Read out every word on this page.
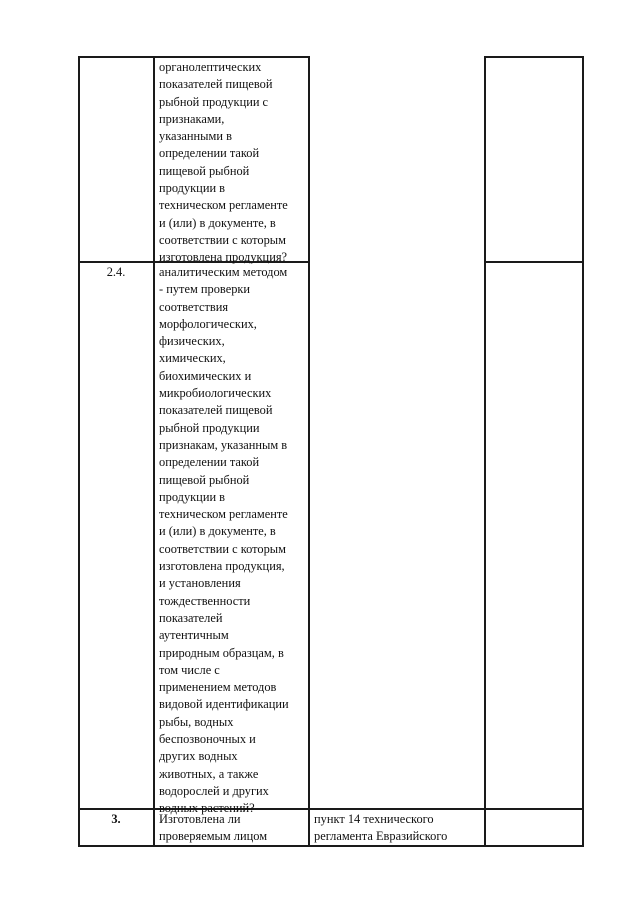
органолептических
показателей пищевой
рыбной продукции с
признаками,
указанными в
определении такой
пищевой рыбной
продукции в
техническом регламенте
и (или) в документе, в
соответствии с которым
изготовлена продукция?
2.4.	аналитическим методом
- путем проверки
соответствия
морфологических,
физических,
химических,
биохимических и
микробиологических
показателей пищевой
рыбной продукции
признакам, указанным в
определении такой
пищевой рыбной
продукции в
техническом регламенте
и (или) в документе, в
соответствии с которым
изготовлена продукция,
и установления
тождественности
показателей
аутентичным
природным образцам, в
том числе с
применением методов
видовой идентификации
рыбы, водных
беспозвоночных и
других водных
животных, а также
водорослей и других
водных растений?
3.	Изготовлена ли
проверяемым лицом
пункт 14 технического
регламента Евразийского
